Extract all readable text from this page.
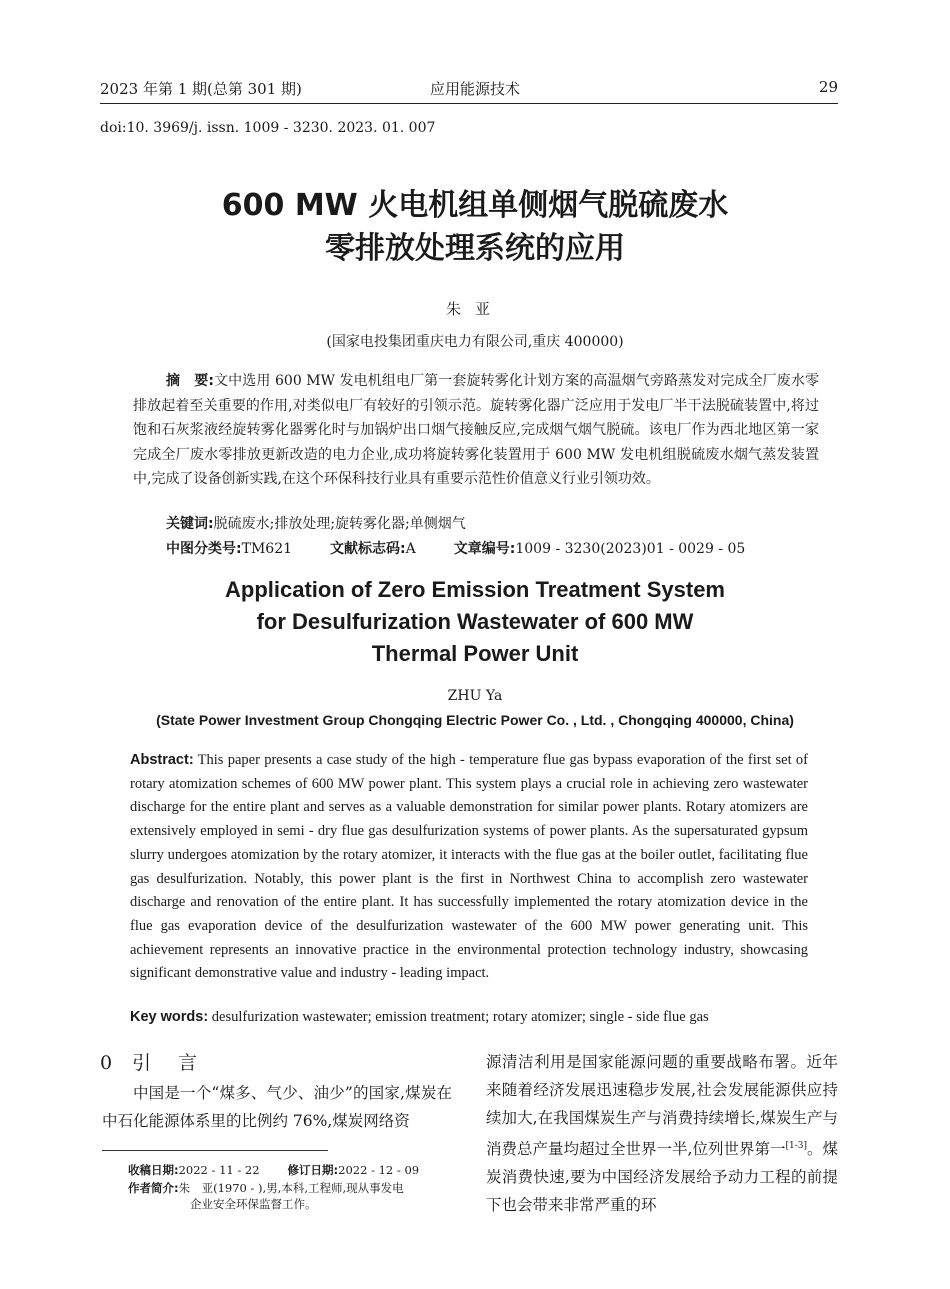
2023 年第 1 期(总第 301 期)	应用能源技术	29
doi:10. 3969/j. issn. 1009 - 3230. 2023. 01. 007
600 MW 火电机组单侧烟气脱硫废水
零排放处理系统的应用
朱亚
(国家电投集团重庆电力有限公司,重庆 400000)
摘　要:文中选用 600 MW 发电机组电厂第一套旋转雾化计划方案的高温烟气旁路蒸发对完成全厂废水零排放起着至关重要的作用,对类似电厂有较好的引领示范。旋转雾化器广泛应用于发电厂半干法脱硫装置中,将过饱和石灰浆液经旋转雾化器雾化时与加锅炉出口烟气接触反应,完成烟气烟气脱硫。该电厂作为西北地区第一家完成全厂废水零排放更新改造的电力企业,成功将旋转雾化装置用于 600 MW 发电机组脱硫废水烟气蒸发装置中,完成了设备创新实践,在这个环保科技行业具有重要示范性价值意义行业引领功效。
关键词:脱硫废水;排放处理;旋转雾化器;单侧烟气
中图分类号:TM621	文献标志码:A	文章编号:1009 - 3230(2023)01 - 0029 - 05
Application of Zero Emission Treatment System
for Desulfurization Wastewater of 600 MW
Thermal Power Unit
ZHU Ya
(State Power Investment Group Chongqing Electric Power Co. , Ltd. , Chongqing 400000, China)
Abstract: This paper presents a case study of the high - temperature flue gas bypass evaporation of the first set of rotary atomization schemes of 600 MW power plant. This system plays a crucial role in achieving zero wastewater discharge for the entire plant and serves as a valuable demonstration for similar power plants. Rotary atomizers are extensively employed in semi - dry flue gas desulfurization systems of power plants. As the supersaturated gypsum slurry undergoes atomization by the rotary atomizer, it interacts with the flue gas at the boiler outlet, facilitating flue gas desulfurization. Notably, this power plant is the first in Northwest China to accomplish zero wastewater discharge and renovation of the entire plant. It has successfully implemented the rotary atomization device in the flue gas evaporation device of the desulfurization wastewater of the 600 MW power generating unit. This achievement represents an innovative practice in the environmental protection technology industry, showcasing significant demonstrative value and industry - leading impact.
Key words: desulfurization wastewater; emission treatment; rotary atomizer; single - side flue gas
0 引 言
中国是一个“煤多、气少、油少”的国家,煤炭在中石化能源体系里的比例约 76%,煤炭网络资
收稿日期:2022 - 11 - 22 修订日期:2022 - 12 - 09
作者简介:朱　亚(1970 - ),男,本科,工程师,现从事发电
企业安全环保监督工作。
源清洁利用是国家能源问题的重要战略布署。近年来随着经济发展迅速稳步发展,社会发展能源供应持续加大,在我国煤炭生产与消费持续增长,煤炭生产与消费总产量均超过全世界一半,位列世界第一[1-3]。煤炭消费快速,要为中国经济发展给予动力工程的前提下也会带来非常严重的环
